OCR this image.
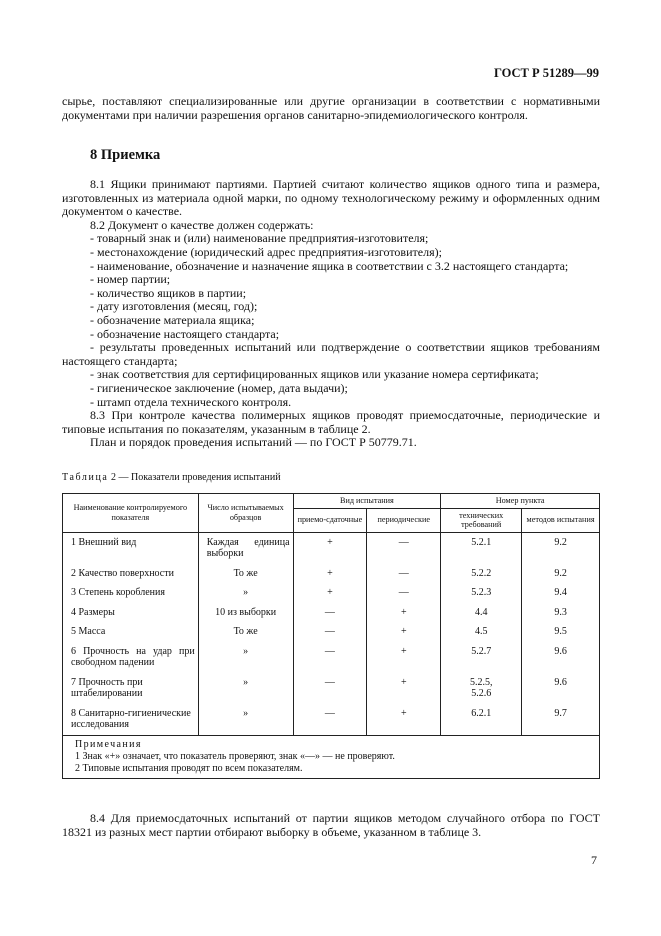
ГОСТ Р 51289—99

сырье, поставляют специализированные или другие организации в соответствии с нормативными документами при наличии разрешения органов санитарно-эпидемиологического контроля.

8 Приемка

8.1 Ящики принимают партиями. Партией считают количество ящиков одного типа и размера, изготовленных из материала одной марки, по одному технологическому режиму и оформленных одним документом о качестве.

8.2 Документ о качестве должен содержать:

- товарный знак и (или) наименование предприятия-изготовителя;

- местонахождение (юридический адрес предприятия-изготовителя);

- наименование, обозначение и назначение ящика в соответствии с 3.2 настоящего стандарта;

- номер партии;

- количество ящиков в партии;

- дату изготовления (месяц, год);

- обозначение материала ящика;

- обозначение настоящего стандарта;

- результаты проведенных испытаний или подтверждение о соответствии ящиков требованиям настоящего стандарта;

- знак соответствия для сертифицированных ящиков или указание номера сертификата;

- гигиеническое заключение (номер, дата выдачи);

- штамп отдела технического контроля.

8.3 При контроле качества полимерных ящиков проводят приемосдаточные, периодические и типовые испытания по показателям, указанным в таблице 2.

План и порядок проведения испытаний — по ГОСТ Р 50779.71.

Таблица 2 — Показатели проведения испытаний
Наименование контролируемого показателя	Число испытываемых образцов	Вид испытания		Номер пункта	
		приемо-сдаточные	периодические	технических требований	методов испытания
1 Внешний вид	Каждая единица выборки	+	—	5.2.1	9.2
2 Качество поверхности	То же	+	—	5.2.2	9.2
3 Степень коробления	»	+	—	5.2.3	9.4
4 Размеры	10 из выборки	—	+	4.4	9.3
5 Масса	То же	—	+	4.5	9.5
6 Прочность на удар при свободном падении	»	—	+	5.2.7	9.6
7 Прочность при штабелировании	»	—	+	5.2.5, 5.2.6	9.6
8 Санитарно-гигиенические исследования	»	—	+	6.2.1	9.7

Примечания
1 Знак «+» означает, что показатель проверяют, знак «—» — не проверяют.
2 Типовые испытания проводят по всем показателям.					

8.4 Для приемосдаточных испытаний от партии ящиков методом случайного отбора по ГОСТ 18321 из разных мест партии отбирают выборку в объеме, указанном в таблице 3.

7
